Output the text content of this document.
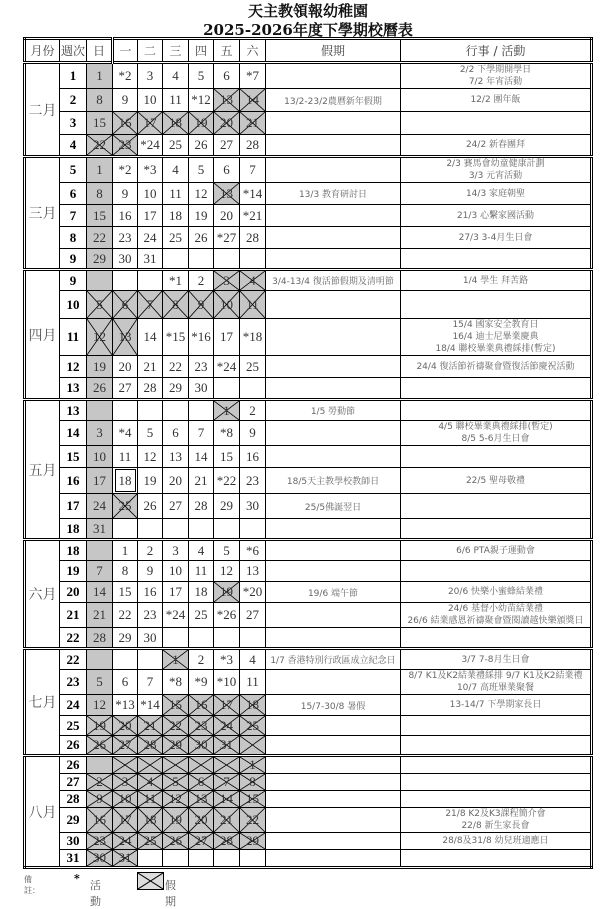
天主教領報幼稚園
2025-2026年度下學期校曆表
月份	週次	日	一	二	三	四	五	六	假期	行事 / 活動
二月	1	1	*2	3	4	5	6	*7		2/2 下學期開學日
7/2 年宵活動

	2	8	9	10	11	*12	13	14	13/2-23/2農曆新年假期	12/2 團年飯

	3	15	16	17	18	19	20	21		
	4	22	23	*24	25	26	27	28		24/2 新春團拜

三月	5	1	*2	*3	4	5	6	7		2/3 賽馬會幼童健康計劃
3/3 元宵活動

	6	8	9	10	11	12	13	*14	13/3 教育研討日	14/3 家庭朝聖

	7	15	16	17	18	19	20	*21		21/3 心繫家國活動

	8	22	23	24	25	26	*27	28		27/3 3-4月生日會

	9	29	30	31						
四月	9				*1	2	3	4	3/4-13/4 復活節假期及清明節	1/4 學生 拜苦路

	10	5	6	7	8	9	10	11		
	11	12	13	14	*15	*16	17	*18		15/4 國家安全教育日
16/4 迪士尼畢業慶典
18/4 聯校畢業典禮綵排(暫定)

	12	19	20	21	22	23	*24	25		24/4 復活節祈禱聚會暨復活節慶祝活動

	13	26	27	28	29	30				
五月	13						1	2	1/5 勞動節	
	14	3	*4	5	6	7	*8	9		4/5 聯校畢業典禮綵排(暫定)
8/5 5-6月生日會

	15	10	11	12	13	14	15	16		
	16	17	18	19	20	21	*22	23	18/5天主教學校教師日	22/5 聖母敬禮

	17	24	25	26	27	28	29	30	25/5佛誕翌日	
	18	31								
六月	18		1	2	3	4	5	*6		6/6 PTA親子運動會

	19	7	8	9	10	11	12	13		
	20	14	15	16	17	18	19	*20	19/6 端午節	20/6 快樂小蜜蜂結業禮

	21	21	22	23	*24	25	*26	27		24/6 基督小幼苗結業禮
26/6 結業感恩祈禱聚會暨閱讀越快樂頒獎日

	22	28	29	30						
七月	22				1	2	*3	4	1/7 香港特別行政區成立紀念日	3/7 7-8月生日會

	23	5	6	7	*8	*9	*10	11		8/7 K1及K2結業禮綵排 9/7 K1及K2結業禮
10/7 高班畢業聚餐

	24	12	*13	*14	15	16	17	18	15/7-30/8 暑假	13-14/7 下學期家長日

	25	19	20	21	22	23	24	25		
	26	26	27	28	29	30	31	

八月	26							1		
	27	2	3	4	5	6	7	8		
	28	9	10	11	12	13	14	15		
	29	16	17	18	19	20	21	22		21/8 K2及K3課程簡介會
22/8 新生家長會

	30	23	24	25	26	27	28	29		28/8及31/8 幼兒班適應日

	31	30	31							
備註：
*
活動
假期
